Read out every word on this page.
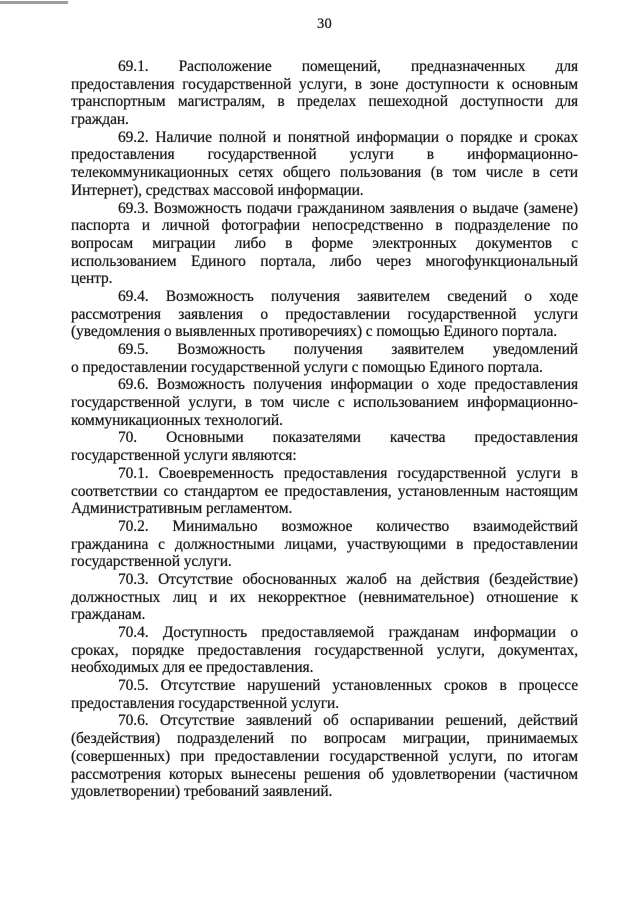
30
69.1. Расположение помещений, предназначенных для
предоставления государственной услуги, в зоне доступности к основным
транспортным магистралям, в пределах пешеходной доступности для
граждан.
69.2. Наличие полной и понятной информации о порядке и сроках
предоставления государственной услуги в информационно-
телекоммуникационных сетях общего пользования (в том числе в сети
Интернет), средствах массовой информации.
69.3. Возможность подачи гражданином заявления о выдаче (замене)
паспорта и личной фотографии непосредственно в подразделение по
вопросам миграции либо в форме электронных документов с
использованием Единого портала, либо через многофункциональный
центр.
69.4. Возможность получения заявителем сведений о ходе
рассмотрения заявления о предоставлении государственной услуги
(уведомления о выявленных противоречиях) с помощью Единого портала.
69.5. Возможность получения заявителем уведомлений
о предоставлении государственной услуги с помощью Единого портала.
69.6. Возможность получения информации о ходе предоставления
государственной услуги, в том числе с использованием информационно-
коммуникационных технологий.
70. Основными показателями качества предоставления
государственной услуги являются:
70.1. Своевременность предоставления государственной услуги в
соответствии со стандартом ее предоставления, установленным настоящим
Административным регламентом.
70.2. Минимально возможное количество взаимодействий
гражданина с должностными лицами, участвующими в предоставлении
государственной услуги.
70.3. Отсутствие обоснованных жалоб на действия (бездействие)
должностных лиц и их некорректное (невнимательное) отношение к
гражданам.
70.4. Доступность предоставляемой гражданам информации о
сроках, порядке предоставления государственной услуги, документах,
необходимых для ее предоставления.
70.5. Отсутствие нарушений установленных сроков в процессе
предоставления государственной услуги.
70.6. Отсутствие заявлений об оспаривании решений, действий
(бездействия) подразделений по вопросам миграции, принимаемых
(совершенных) при предоставлении государственной услуги, по итогам
рассмотрения которых вынесены решения об удовлетворении (частичном
удовлетворении) требований заявлений.
